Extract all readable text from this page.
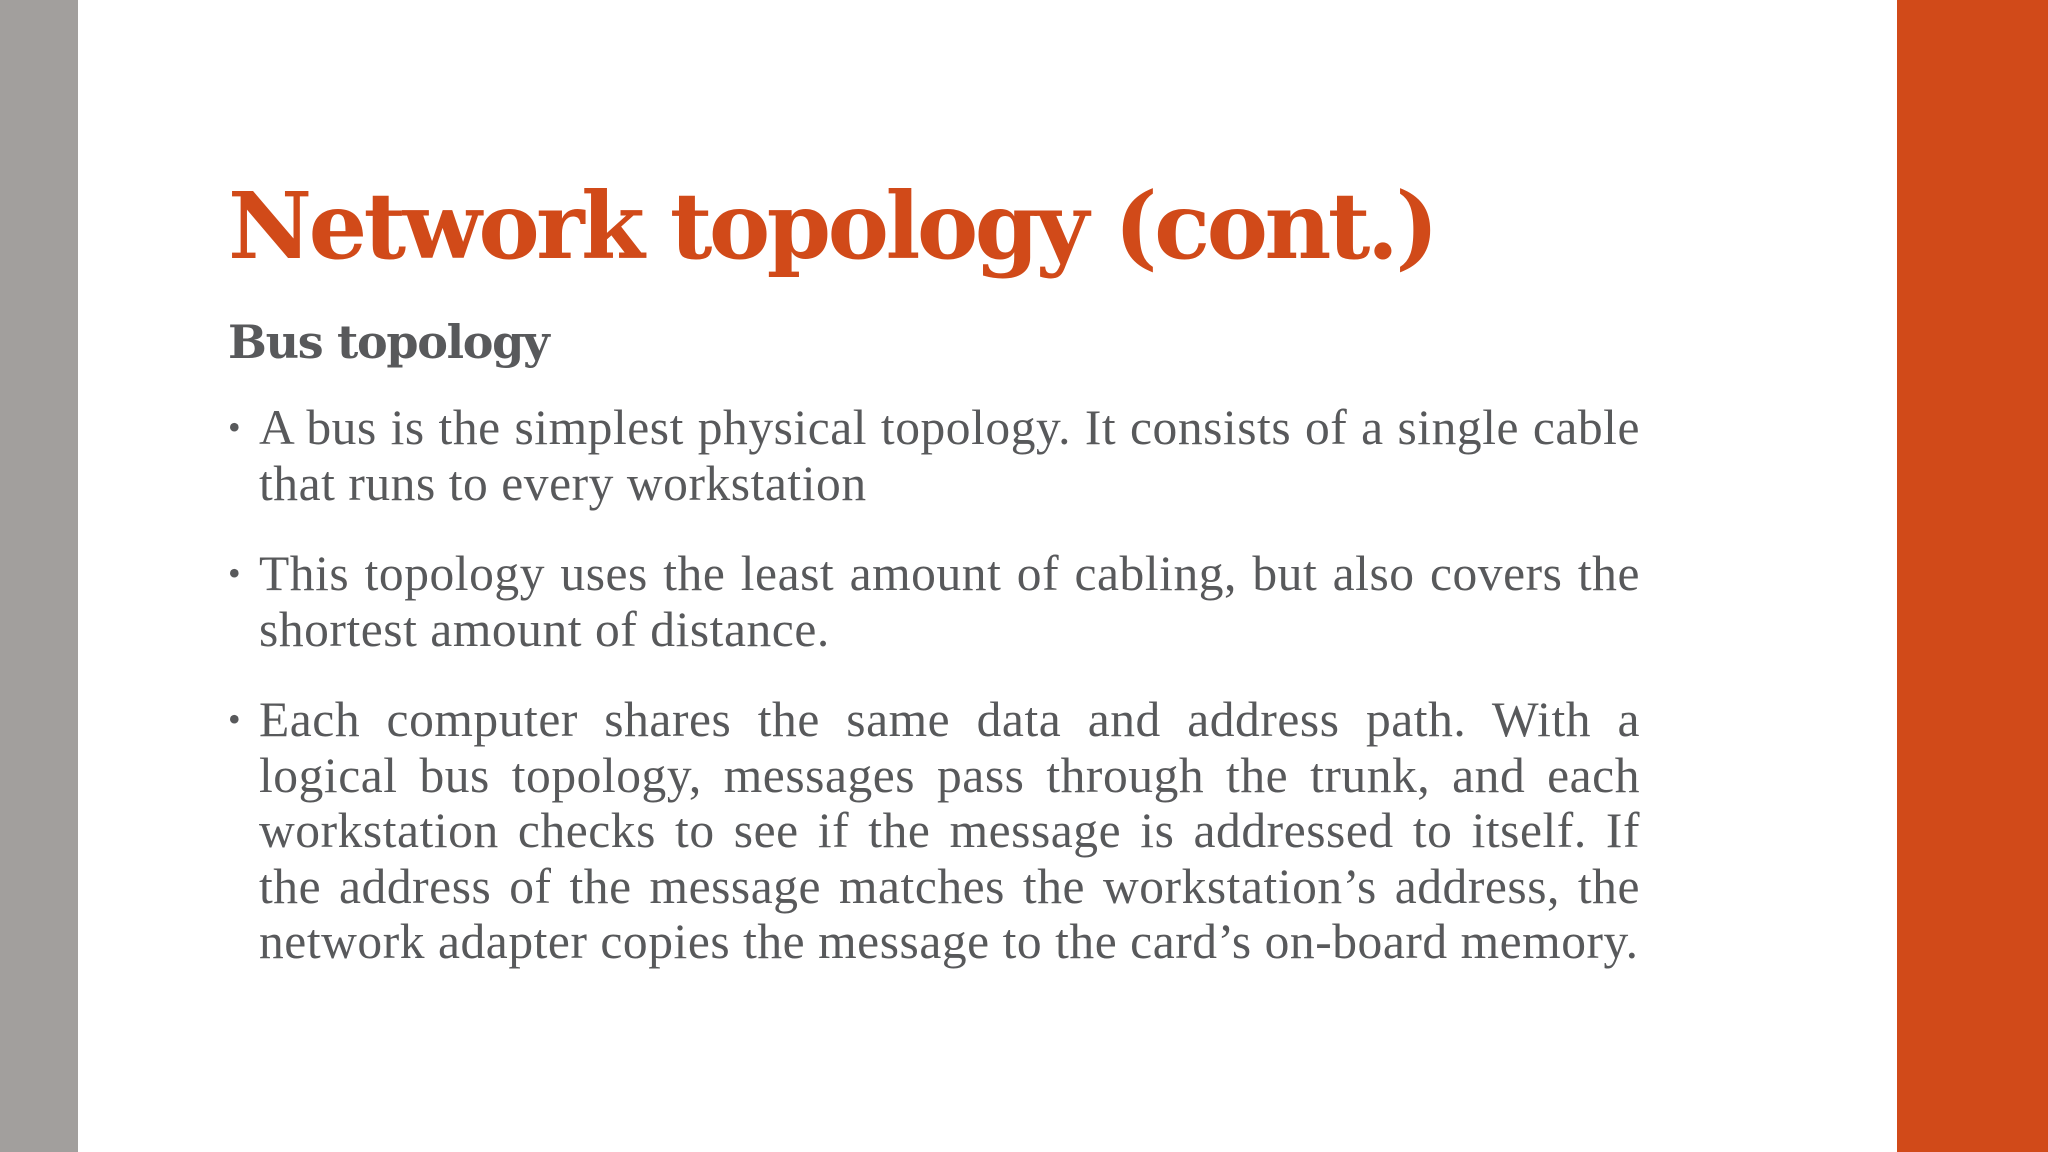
Network topology (cont.)
Bus topology
• A bus is the simplest physical topology. It consists of a single cable that runs to every workstation
• This topology uses the least amount of cabling, but also covers the shortest amount of distance.
• Each computer shares the same data and address path. With a logical bus topology, messages pass through the trunk, and each workstation checks to see if the message is addressed to itself. If the address of the message matches the workstation’s address, the network adapter copies the message to the card’s on-board memory.
